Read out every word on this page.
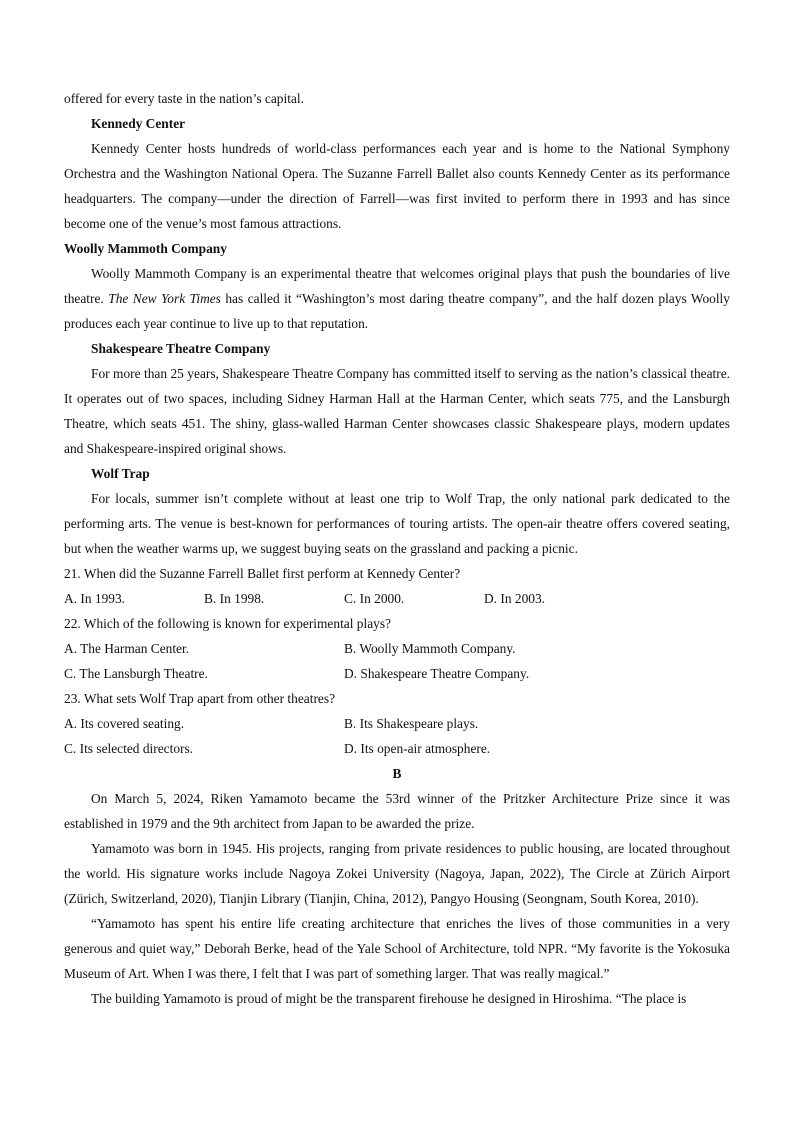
offered for every taste in the nation’s capital.

Kennedy Center

Kennedy Center hosts hundreds of world-class performances each year and is home to the National Symphony Orchestra and the Washington National Opera. The Suzanne Farrell Ballet also counts Kennedy Center as its performance headquarters. The company—under the direction of Farrell—was first invited to perform there in 1993 and has since become one of the venue’s most famous attractions.

Woolly Mammoth Company

Woolly Mammoth Company is an experimental theatre that welcomes original plays that push the boundaries of live theatre. The New York Times has called it “Washington’s most daring theatre company”, and the half dozen plays Woolly produces each year continue to live up to that reputation.

Shakespeare Theatre Company

For more than 25 years, Shakespeare Theatre Company has committed itself to serving as the nation’s classical theatre. It operates out of two spaces, including Sidney Harman Hall at the Harman Center, which seats 775, and the Lansburgh Theatre, which seats 451. The shiny, glass-walled Harman Center showcases classic Shakespeare plays, modern updates and Shakespeare-inspired original shows.

Wolf Trap

For locals, summer isn’t complete without at least one trip to Wolf Trap, the only national park dedicated to the performing arts. The venue is best-known for performances of touring artists. The open-air theatre offers covered seating, but when the weather warms up, we suggest buying seats on the grassland and packing a picnic.

21. When did the Suzanne Farrell Ballet first perform at Kennedy Center?

A. In 1993.	B. In 1998.	C. In 2000.	D. In 2003.

22. Which of the following is known for experimental plays?

A. The Harman Center.	B. Woolly Mammoth Company.
C. The Lansburgh Theatre.	D. Shakespeare Theatre Company.

23. What sets Wolf Trap apart from other theatres?

A. Its covered seating.	B. Its Shakespeare plays.
C. Its selected directors.	D. Its open-air atmosphere.

B

On March 5, 2024, Riken Yamamoto became the 53rd winner of the Pritzker Architecture Prize since it was established in 1979 and the 9th architect from Japan to be awarded the prize.

Yamamoto was born in 1945. His projects, ranging from private residences to public housing, are located throughout the world. His signature works include Nagoya Zokei University (Nagoya, Japan, 2022), The Circle at Zürich Airport (Zürich, Switzerland, 2020), Tianjin Library (Tianjin, China, 2012), Pangyo Housing (Seongnam, South Korea, 2010).

“Yamamoto has spent his entire life creating architecture that enriches the lives of those communities in a very generous and quiet way,” Deborah Berke, head of the Yale School of Architecture, told NPR. “My favorite is the Yokosuka Museum of Art. When I was there, I felt that I was part of something larger. That was really magical.”

The building Yamamoto is proud of might be the transparent firehouse he designed in Hiroshima. “The place is
